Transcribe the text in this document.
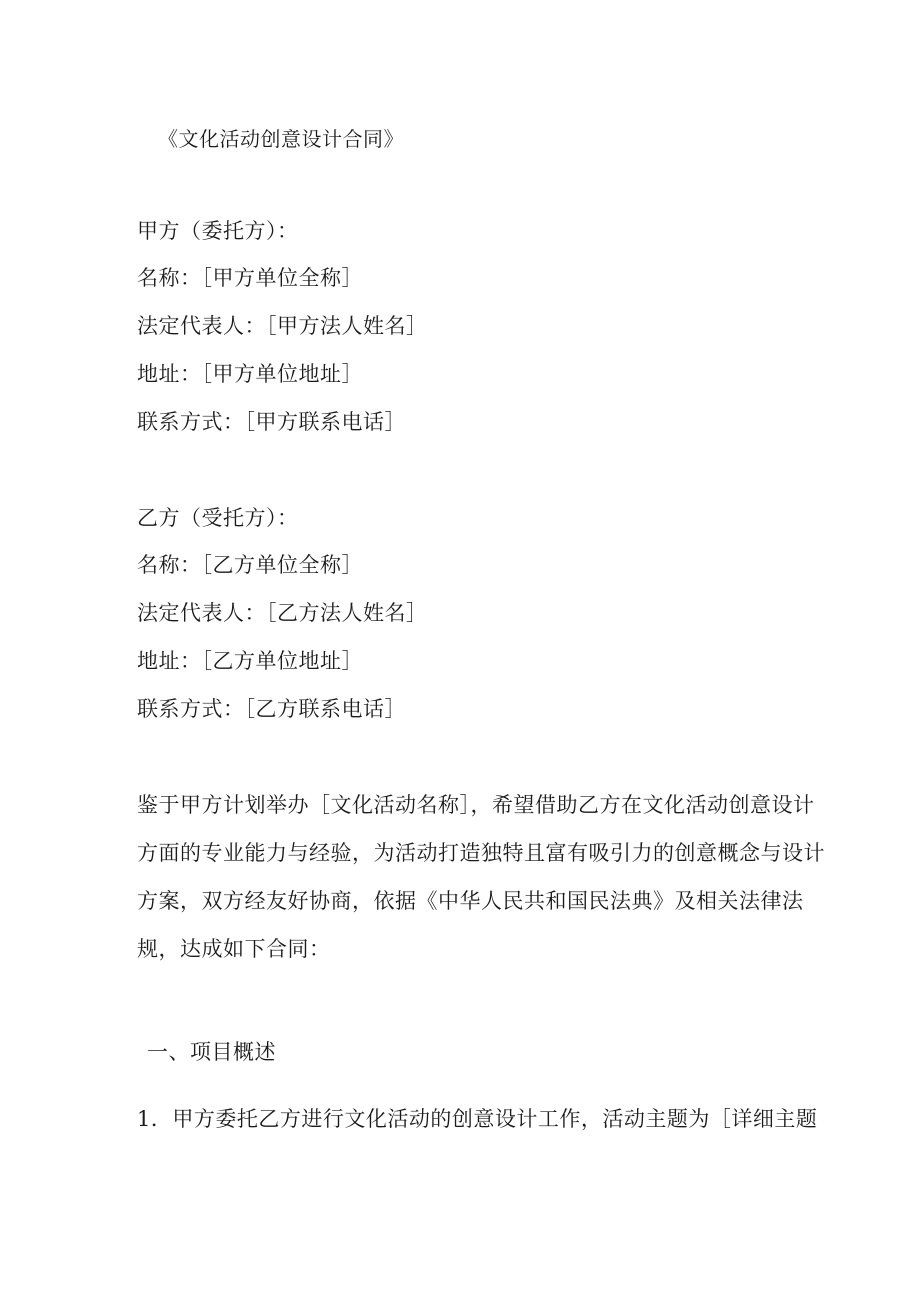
《文化活动创意设计合同》
甲方（委托方）：
名称：［甲方单位全称］
法定代表人：［甲方法人姓名］
地址：［甲方单位地址］
联系方式：［甲方联系电话］
乙方（受托方）：
名称：［乙方单位全称］
法定代表人：［乙方法人姓名］
地址：［乙方单位地址］
联系方式：［乙方联系电话］
鉴于甲方计划举办［文化活动名称］，希望借助乙方在文化活动创意设计
方面的专业能力与经验，为活动打造独特且富有吸引力的创意概念与设计
方案，双方经友好协商，依据《中华人民共和国民法典》及相关法律法
规，达成如下合同：
一、项目概述
1．甲方委托乙方进行文化活动的创意设计工作，活动主题为［详细主题
